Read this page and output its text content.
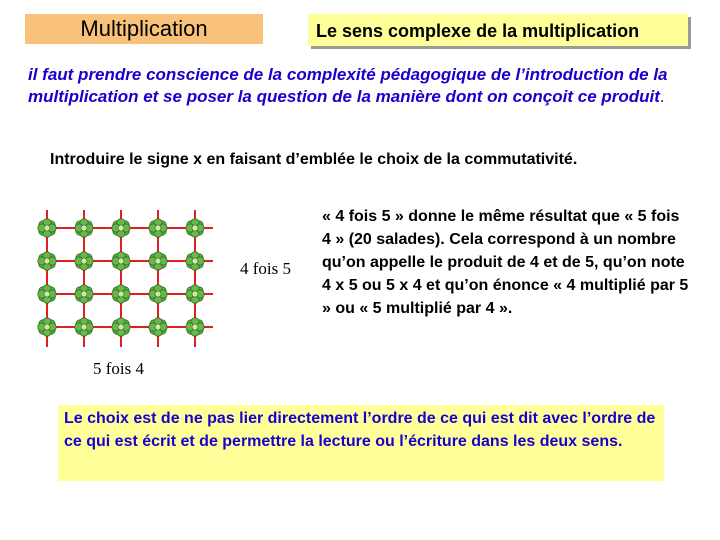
Multiplication	Le sens complexe de la multiplication
il faut prendre conscience de la complexité pédagogique de l’introduction de la multiplication et se poser la question de la manière dont on conçoit ce produit.
Introduire le signe x en faisant d’emblée le choix de la commutativité.
4 fois 5
5 fois 4
« 4 fois 5 » donne le même résultat que « 5 fois 4 » (20 salades). Cela correspond à un nombre qu’on appelle le produit de 4 et de 5, qu’on note 4 x 5 ou 5 x 4 et qu’on énonce « 4 multiplié par 5 » ou « 5 multiplié par 4 ».
Le choix est de ne pas lier directement l’ordre de ce qui est dit avec l’ordre de ce qui est écrit et de permettre la lecture ou l’écriture dans les deux sens.
